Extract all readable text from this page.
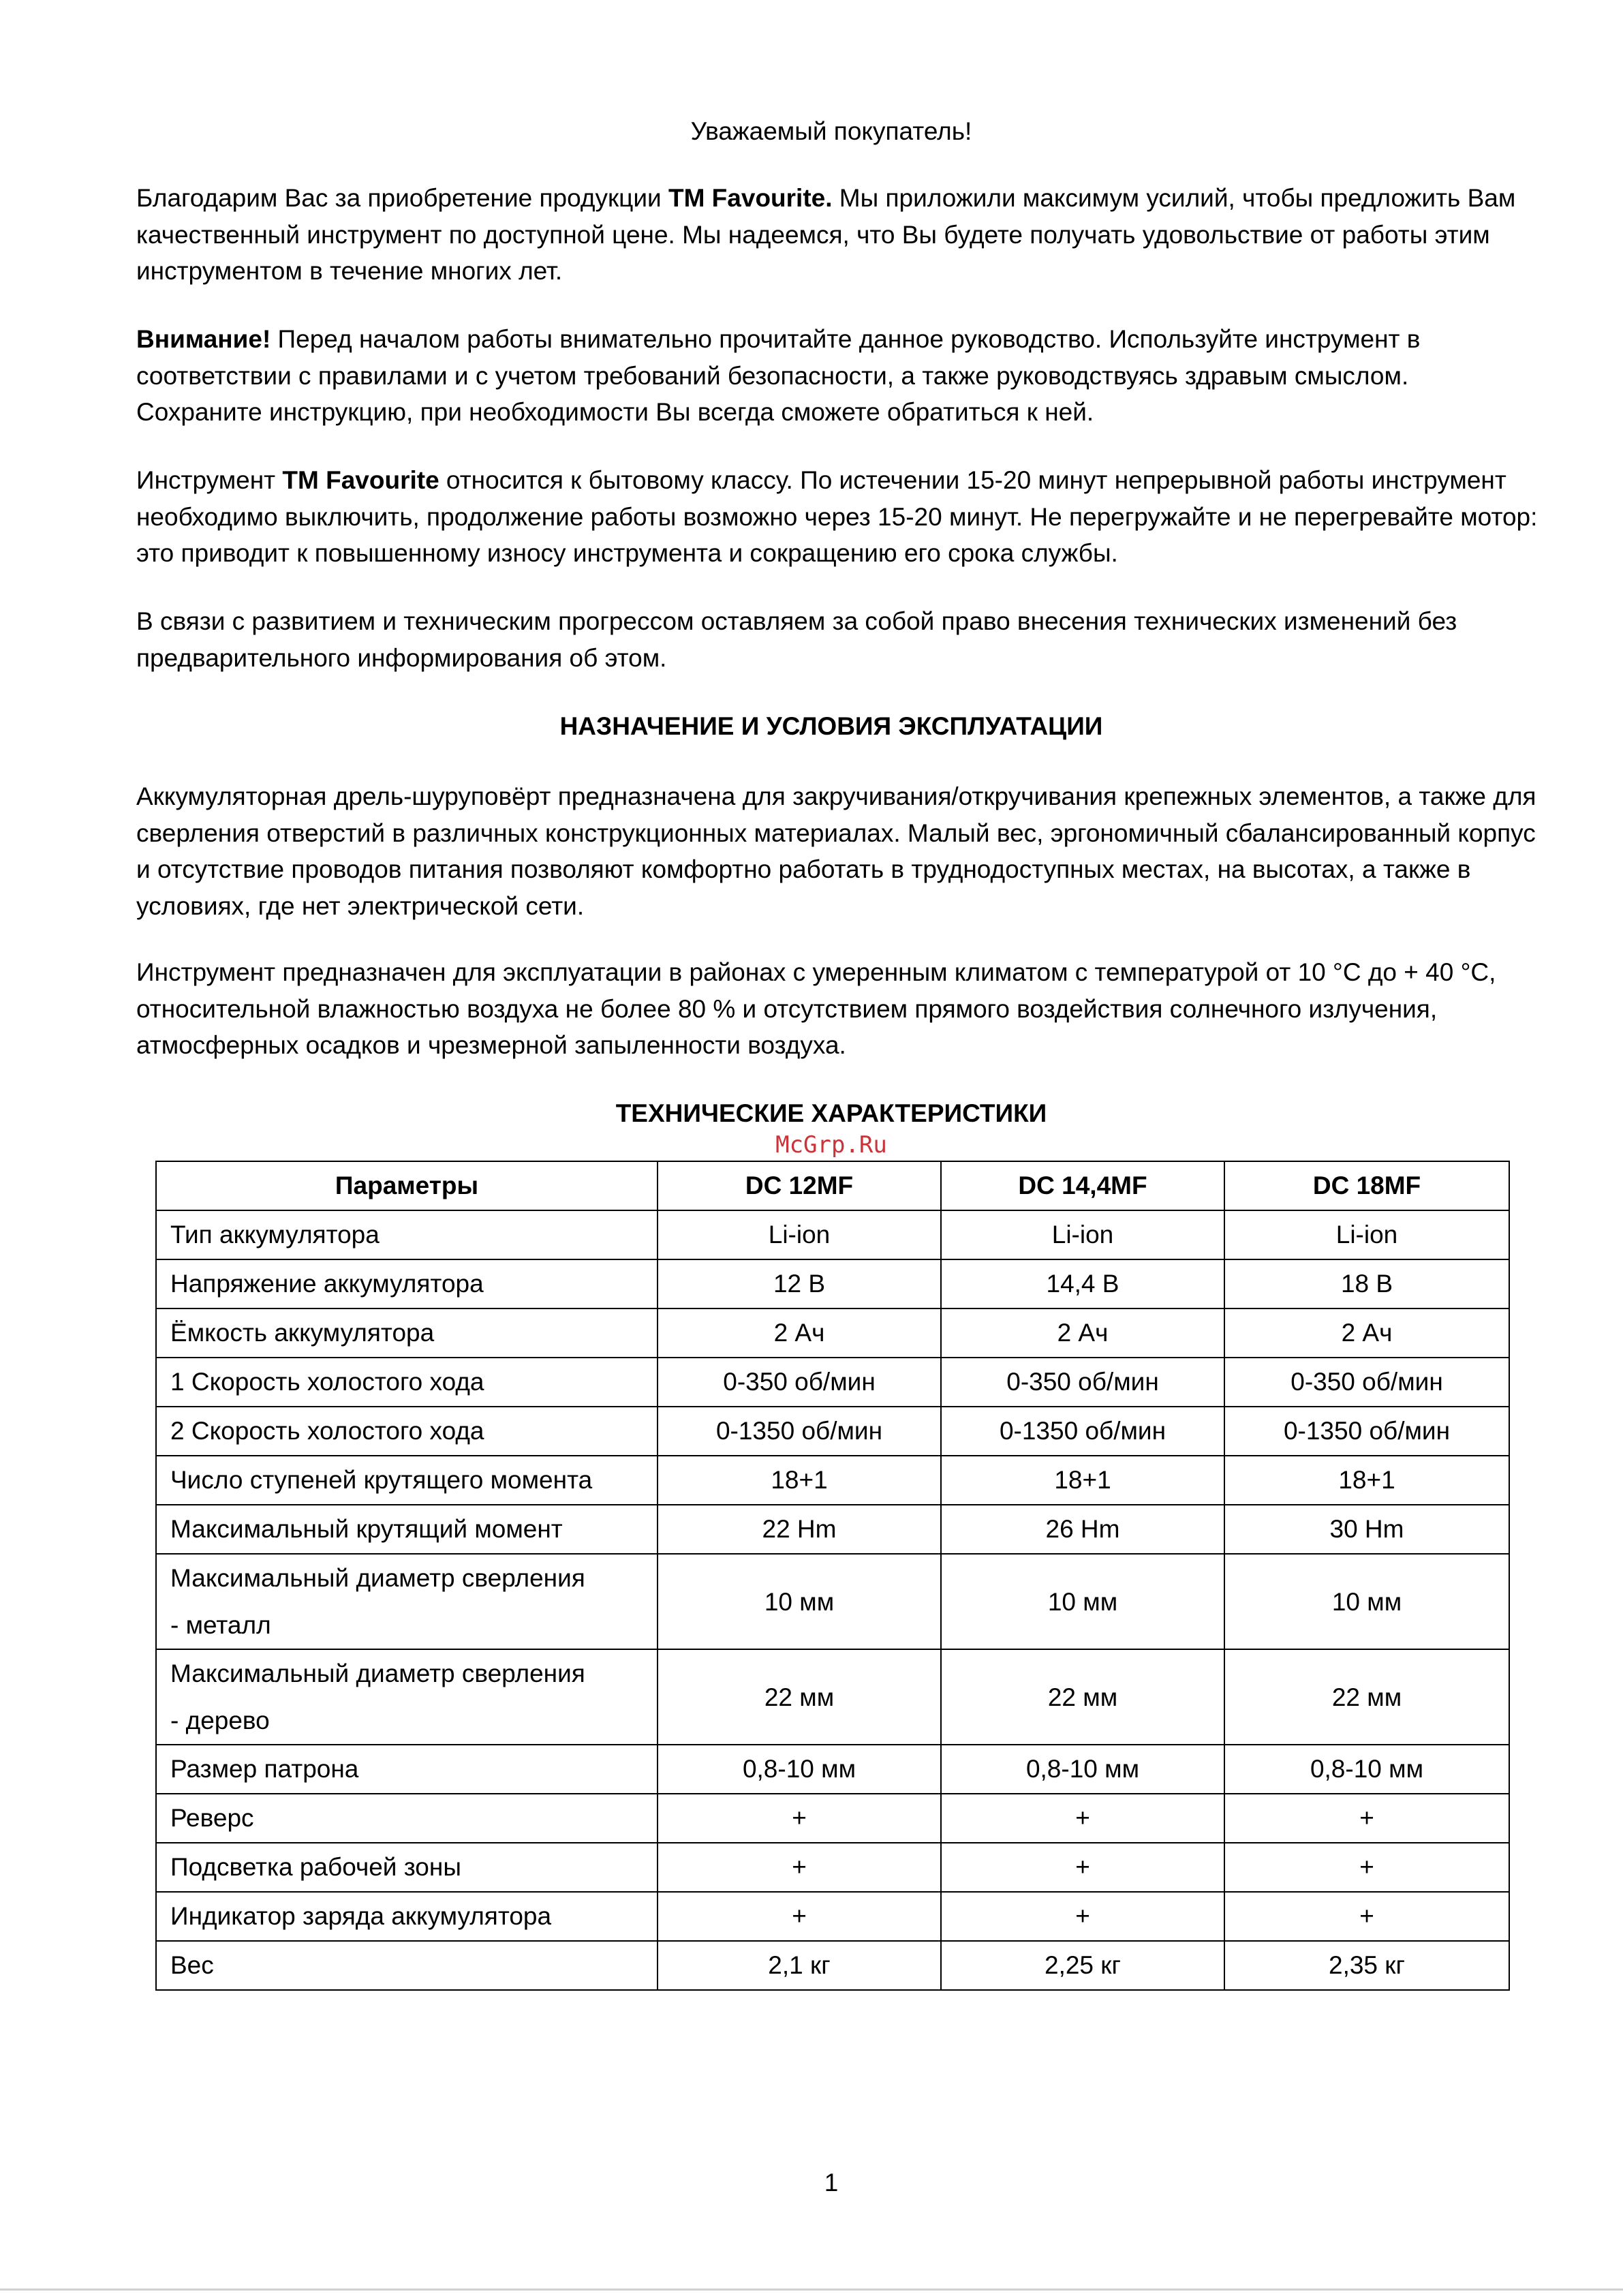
Уважаемый покупатель!

Благодарим Вас за приобретение продукции TM Favourite. Мы приложили максимум усилий, чтобы предложить Вам качественный инструмент по доступной цене. Мы надеемся, что Вы будете получать удовольствие от работы этим инструментом в течение многих лет.

Внимание! Перед началом работы внимательно прочитайте данное руководство. Используйте инструмент в соответствии с правилами и с учетом требований безопасности, а также руководствуясь здравым смыслом. Сохраните инструкцию, при необходимости Вы всегда сможете обратиться к ней.

Инструмент TM Favourite относится к бытовому классу. По истечении 15-20 минут непрерывной работы инструмент необходимо выключить, продолжение работы возможно через 15-20 минут. Не перегружайте и не перегревайте мотор: это приводит к повышенному износу инструмента и сокращению его срока службы.

В связи с развитием и техническим прогрессом оставляем за собой право внесения технических изменений без предварительного информирования об этом.

НАЗНАЧЕНИЕ И УСЛОВИЯ ЭКСПЛУАТАЦИИ

Аккумуляторная дрель-шуруповёрт предназначена для закручивания/откручивания крепежных элементов, а также для сверления отверстий в различных конструкционных материалах. Малый вес, эргономичный сбалансированный корпус и отсутствие проводов питания позволяют комфортно работать в труднодоступных местах, на высотах, а также в условиях, где нет электрической сети.

Инструмент предназначен для эксплуатации в районах с умеренным климатом с температурой от 10 °С до + 40 °С, относительной влажностью воздуха не более 80 % и отсутствием прямого воздействия солнечного излучения, атмосферных осадков и чрезмерной запыленности воздуха.

ТЕХНИЧЕСКИЕ ХАРАКТЕРИСТИКИ
McGrp.Ru
Параметры	DC 12MF	DC 14,4MF	DC 18MF
Тип аккумулятора	Li-ion	Li-ion	Li-ion
Напряжение аккумулятора	12 В	14,4 В	18 В
Ёмкость аккумулятора	2 Ач	2 Ач	2 Ач
1 Скорость холостого хода	0-350 об/мин	0-350 об/мин	0-350 об/мин
2 Скорость холостого хода	0-1350 об/мин	0-1350 об/мин	0-1350 об/мин
Число ступеней крутящего момента	18+1	18+1	18+1
Максимальный крутящий момент	22 Нm	26 Нm	30 Нm
Максимальный диаметр сверления
- металл	10 мм	10 мм	10 мм
Максимальный диаметр сверления
- дерево	22 мм	22 мм	22 мм
Размер патрона	0,8-10 мм	0,8-10 мм	0,8-10 мм
Реверс	+	+	+
Подсветка рабочей зоны	+	+	+
Индикатор заряда аккумулятора	+	+	+
Вес	2,1 кг	2,25 кг	2,35 кг
1
